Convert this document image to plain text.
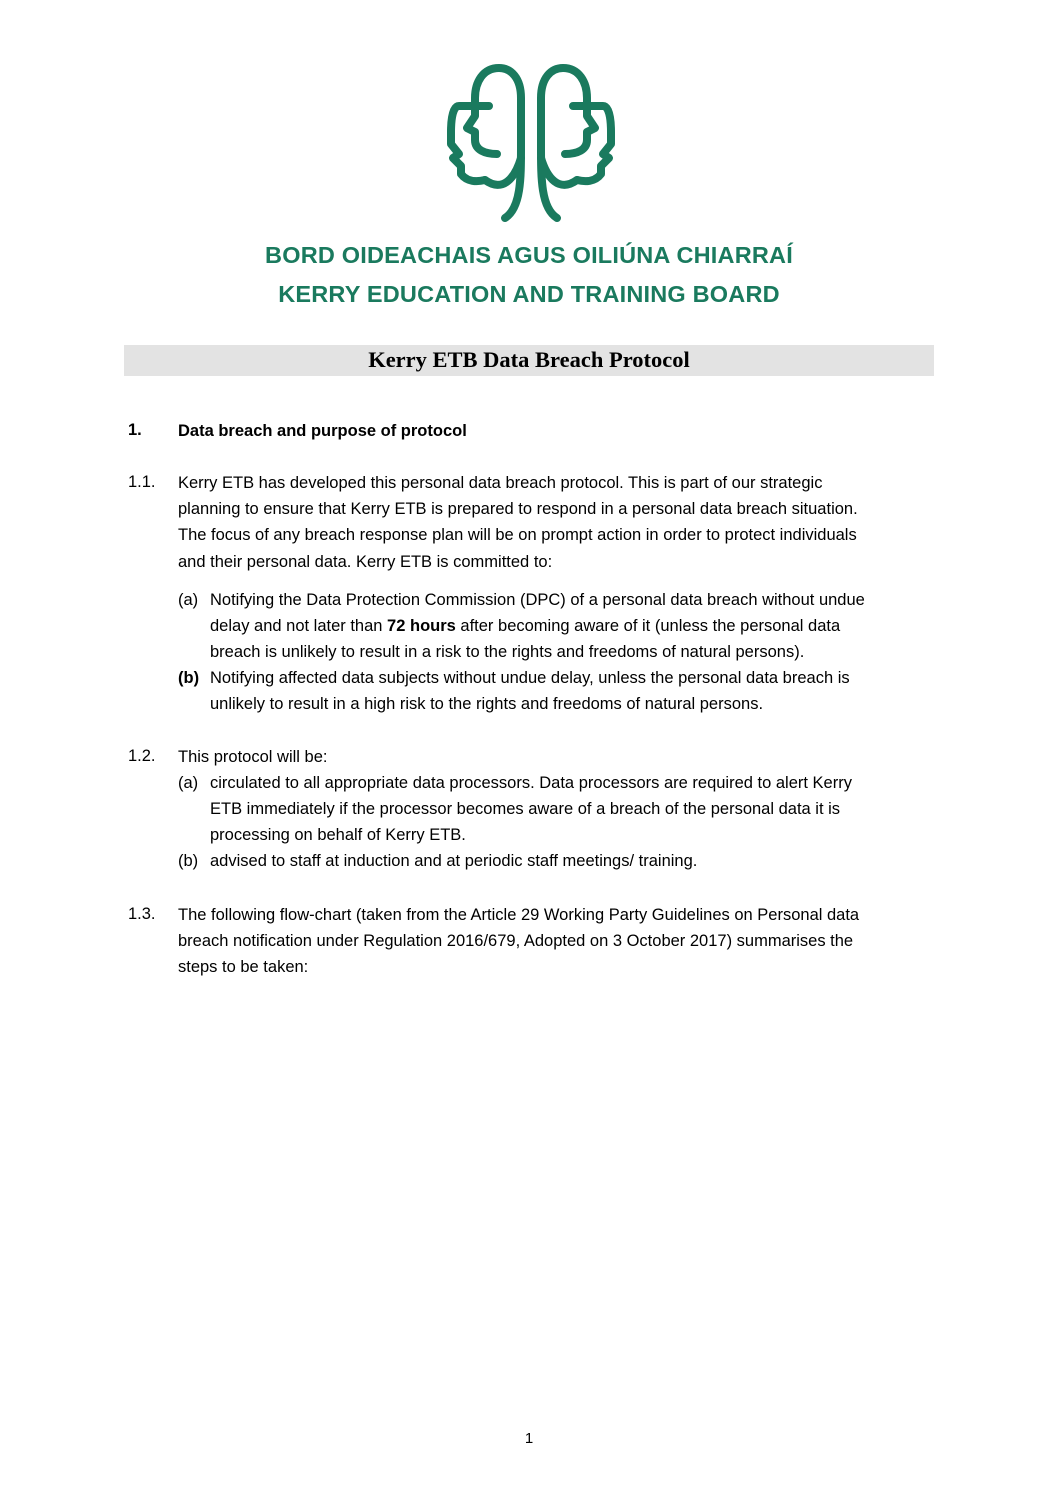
BORD OIDEACHAIS AGUS OILIÚNA CHIARRAÍ
KERRY EDUCATION AND TRAINING BOARD
Kerry ETB Data Breach Protocol
1. Data breach and purpose of protocol
1.1. Kerry ETB has developed this personal data breach protocol. This is part of our strategic
planning to ensure that Kerry ETB is prepared to respond in a personal data breach situation.
The focus of any breach response plan will be on prompt action in order to protect individuals
and their personal data. Kerry ETB is committed to:
(a) Notifying the Data Protection Commission (DPC) of a personal data breach without undue
delay and not later than 72 hours after becoming aware of it (unless the personal data
breach is unlikely to result in a risk to the rights and freedoms of natural persons).
(b) Notifying affected data subjects without undue delay, unless the personal data breach is
unlikely to result in a high risk to the rights and freedoms of natural persons.
1.2. This protocol will be:
(a) circulated to all appropriate data processors. Data processors are required to alert Kerry
ETB immediately if the processor becomes aware of a breach of the personal data it is
processing on behalf of Kerry ETB.
(b) advised to staff at induction and at periodic staff meetings/ training.
1.3. The following flow-chart (taken from the Article 29 Working Party Guidelines on Personal data
breach notification under Regulation 2016/679, Adopted on 3 October 2017) summarises the
steps to be taken:
1
